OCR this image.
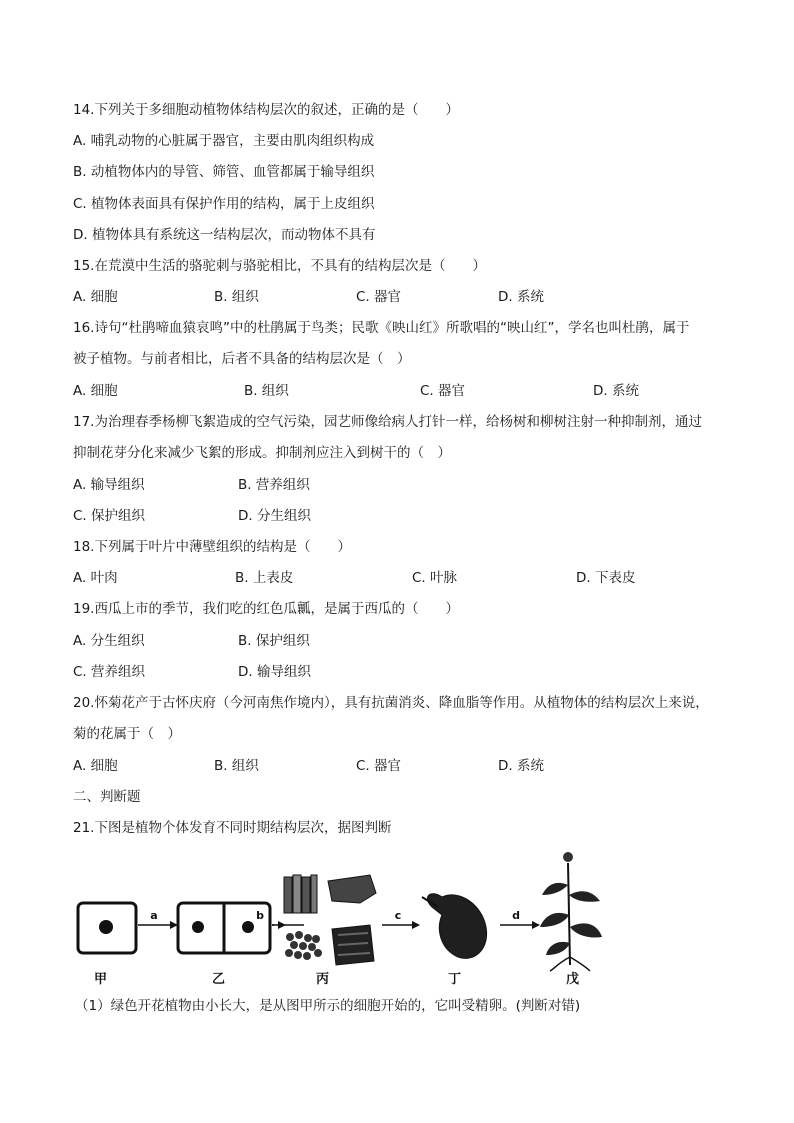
14.下列关于多细胞动植物体结构层次的叙述，正确的是（　　）
A. 哺乳动物的心脏属于器官，主要由肌肉组织构成
B. 动植物体内的导管、筛管、血管都属于输导组织
C. 植物体表面具有保护作用的结构，属于上皮组织
D. 植物体具有系统这一结构层次，而动物体不具有
15.在荒漠中生活的骆驼刺与骆驼相比，不具有的结构层次是（　　）
A. 细胞	B. 组织	C. 器官	D. 系统
16.诗句“杜鹃啼血猿哀鸣”中的杜鹃属于鸟类；民歌《映山红》所歌唱的“映山红”，学名也叫杜鹃，属于
被子植物。与前者相比，后者不具备的结构层次是（　）
A. 细胞	B. 组织	C. 器官	D. 系统
17.为治理春季杨柳飞絮造成的空气污染，园艺师像给病人打针一样，给杨树和柳树注射一种抑制剂，通过
抑制花芽分化来减少飞絮的形成。抑制剂应注入到树干的（　）
A. 输导组织	B. 营养组织
C. 保护组织	D. 分生组织
18.下列属于叶片中薄壁组织的结构是（　　）
A. 叶肉	B. 上表皮	C. 叶脉	D. 下表皮
19.西瓜上市的季节，我们吃的红色瓜瓤，是属于西瓜的（　　）
A. 分生组织	B. 保护组织
C. 营养组织	D. 输导组织
20.怀菊花产于古怀庆府（今河南焦作境内），具有抗菌消炎、降血脂等作用。从植物体的结构层次上来说，
菊的花属于（　）
A. 细胞	B. 组织	C. 器官	D. 系统
二、判断题
21.下图是植物个体发育不同时期结构层次，据图判断
a	b	c	d
甲	乙	丙	丁	戊
（1）绿色开花植物由小长大，是从图甲所示的细胞开始的，它叫受精卵。(判断对错)
